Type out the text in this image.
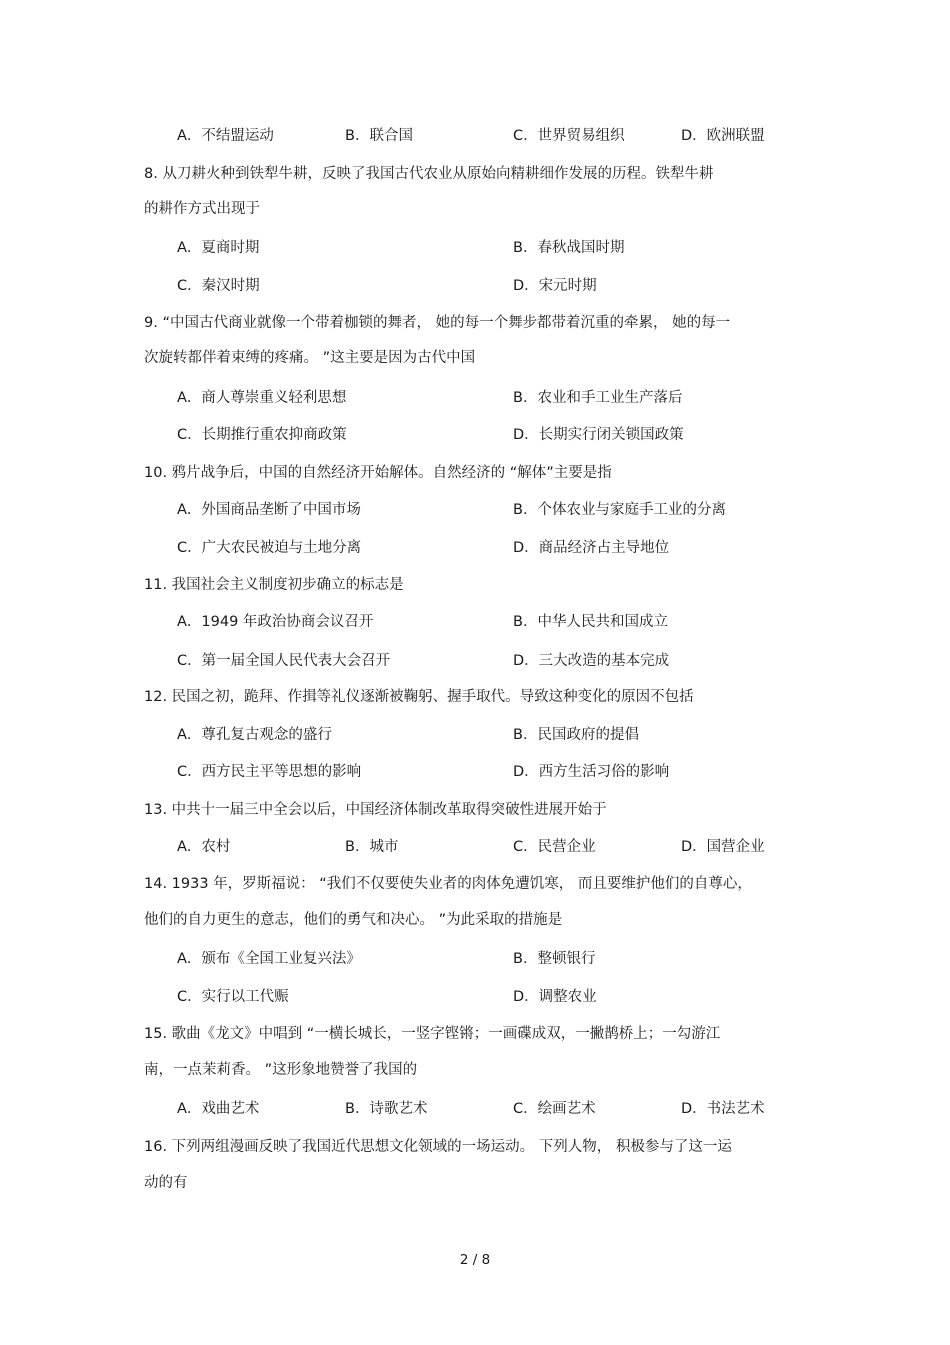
A．不结盟运动	B．联合国	C．世界贸易组织	D．欧洲联盟
8. 从刀耕火种到铁犁牛耕，反映了我国古代农业从原始向精耕细作发展的历程。铁犁牛耕
的耕作方式出现于
A．夏商时期	B．春秋战国时期
C．秦汉时期	D．宋元时期
9. “中国古代商业就像一个带着枷锁的舞者， 她的每一个舞步都带着沉重的牵累， 她的每一
次旋转都伴着束缚的疼痛。 ”这主要是因为古代中国
A．商人尊崇重义轻利思想	B．农业和手工业生产落后
C．长期推行重农抑商政策	D．长期实行闭关锁国政策
10. 鸦片战争后，中国的自然经济开始解体。自然经济的 “解体”主要是指
A．外国商品垄断了中国市场	B．个体农业与家庭手工业的分离
C．广大农民被迫与土地分离	D．商品经济占主导地位
11. 我国社会主义制度初步确立的标志是
A．1949 年政治协商会议召开	B．中华人民共和国成立
C．第一届全国人民代表大会召开	D．三大改造的基本完成
12. 民国之初，跪拜、作揖等礼仪逐渐被鞠躬、握手取代。导致这种变化的原因不包括
A．尊孔复古观念的盛行	B．民国政府的提倡
C．西方民主平等思想的影响	D．西方生活习俗的影响
13. 中共十一届三中全会以后，中国经济体制改革取得突破性进展开始于
A．农村	B．城市	C．民营企业	D．国营企业
14. 1933 年，罗斯福说： “我们不仅要使失业者的肉体免遭饥寒， 而且要维护他们的自尊心，
他们的自力更生的意志，他们的勇气和决心。 ”为此采取的措施是
A．颁布《全国工业复兴法》	B．整顿银行
C．实行以工代赈	D．调整农业
15. 歌曲《龙文》中唱到 “一横长城长，一竖字铿锵；一画碟成双，一撇鹊桥上；一勾游江
南，一点茉莉香。 ”这形象地赞誉了我国的
A．戏曲艺术	B．诗歌艺术	C．绘画艺术	D．书法艺术
16. 下列两组漫画反映了我国近代思想文化领域的一场运动。 下列人物， 积极参与了这一运
动的有
2 / 8
